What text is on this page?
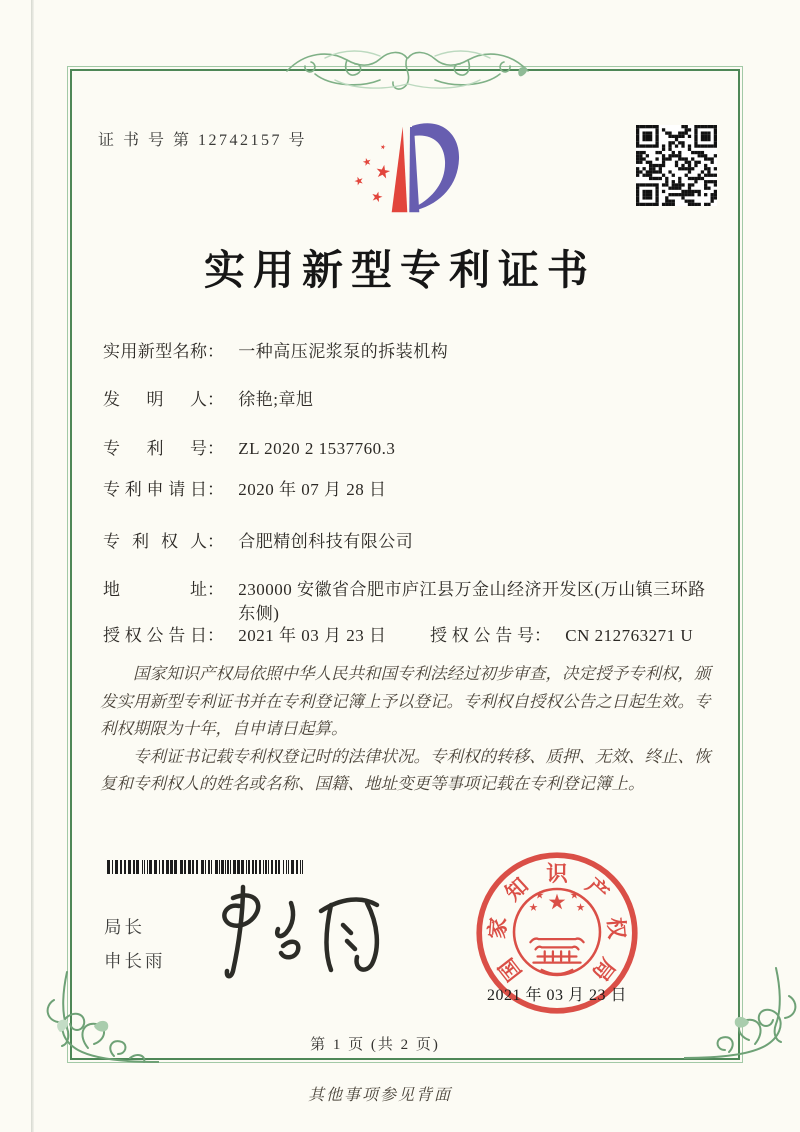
证 书 号 第 12742157 号
实用新型专利证书
实用新型名称： 一种高压泥浆泵的拆装机构
发明人： 徐艳;章旭
专利号： ZL 2020 2 1537760.3
专利申请日： 2020 年 07 月 28 日
专利权人： 合肥精创科技有限公司
地址： 230000 安徽省合肥市庐江县万金山经济开发区(万山镇三环路东侧)
授权公告日： 2021 年 03 月 23 日	授权公告号： CN 212763271 U

国家知识产权局依照中华人民共和国专利法经过初步审查，决定授予专利权，颁发实用新型专利证书并在专利登记簿上予以登记。专利权自授权公告之日起生效。专利权期限为十年，自申请日起算。

专利证书记载专利权登记时的法律状况。专利权的转移、质押、无效、终止、恢复和专利权人的姓名或名称、国籍、地址变更等事项记载在专利登记簿上。

局长
申长雨	国
家
知 识 产
权
局
2021 年 03 月 23 日
第 1 页 (共 2 页)
其他事项参见背面
